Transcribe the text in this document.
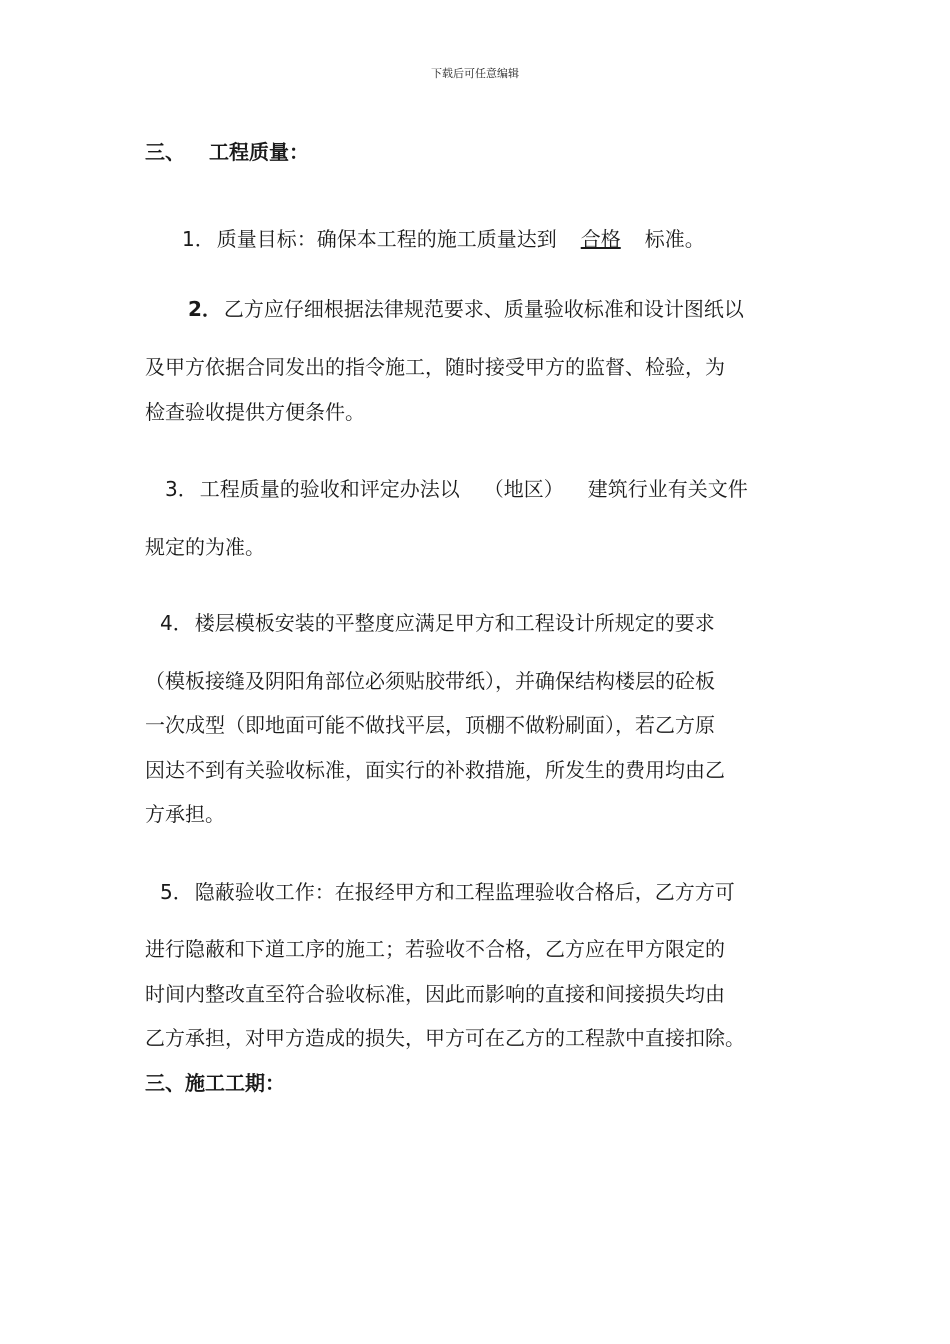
下载后可任意编辑
三、 工程质量：
1． 质量目标：确保本工程的施工质量达到 合格 标准。
2． 乙方应仔细根据法律规范要求、质量验收标准和设计图纸以
及甲方依据合同发出的指令施工，随时接受甲方的监督、检验，为
检查验收提供方便条件。
3． 工程质量的验收和评定办法以 （地区） 建筑行业有关文件
规定的为准。
4． 楼层模板安装的平整度应满足甲方和工程设计所规定的要求
（模板接缝及阴阳角部位必须贴胶带纸），并确保结构楼层的砼板
一次成型（即地面可能不做找平层，顶棚不做粉刷面），若乙方原
因达不到有关验收标准，面实行的补救措施，所发生的费用均由乙
方承担。
5． 隐蔽验收工作：在报经甲方和工程监理验收合格后，乙方方可
进行隐蔽和下道工序的施工；若验收不合格，乙方应在甲方限定的
时间内整改直至符合验收标准，因此而影响的直接和间接损失均由
乙方承担，对甲方造成的损失，甲方可在乙方的工程款中直接扣除。
三、施工工期：
